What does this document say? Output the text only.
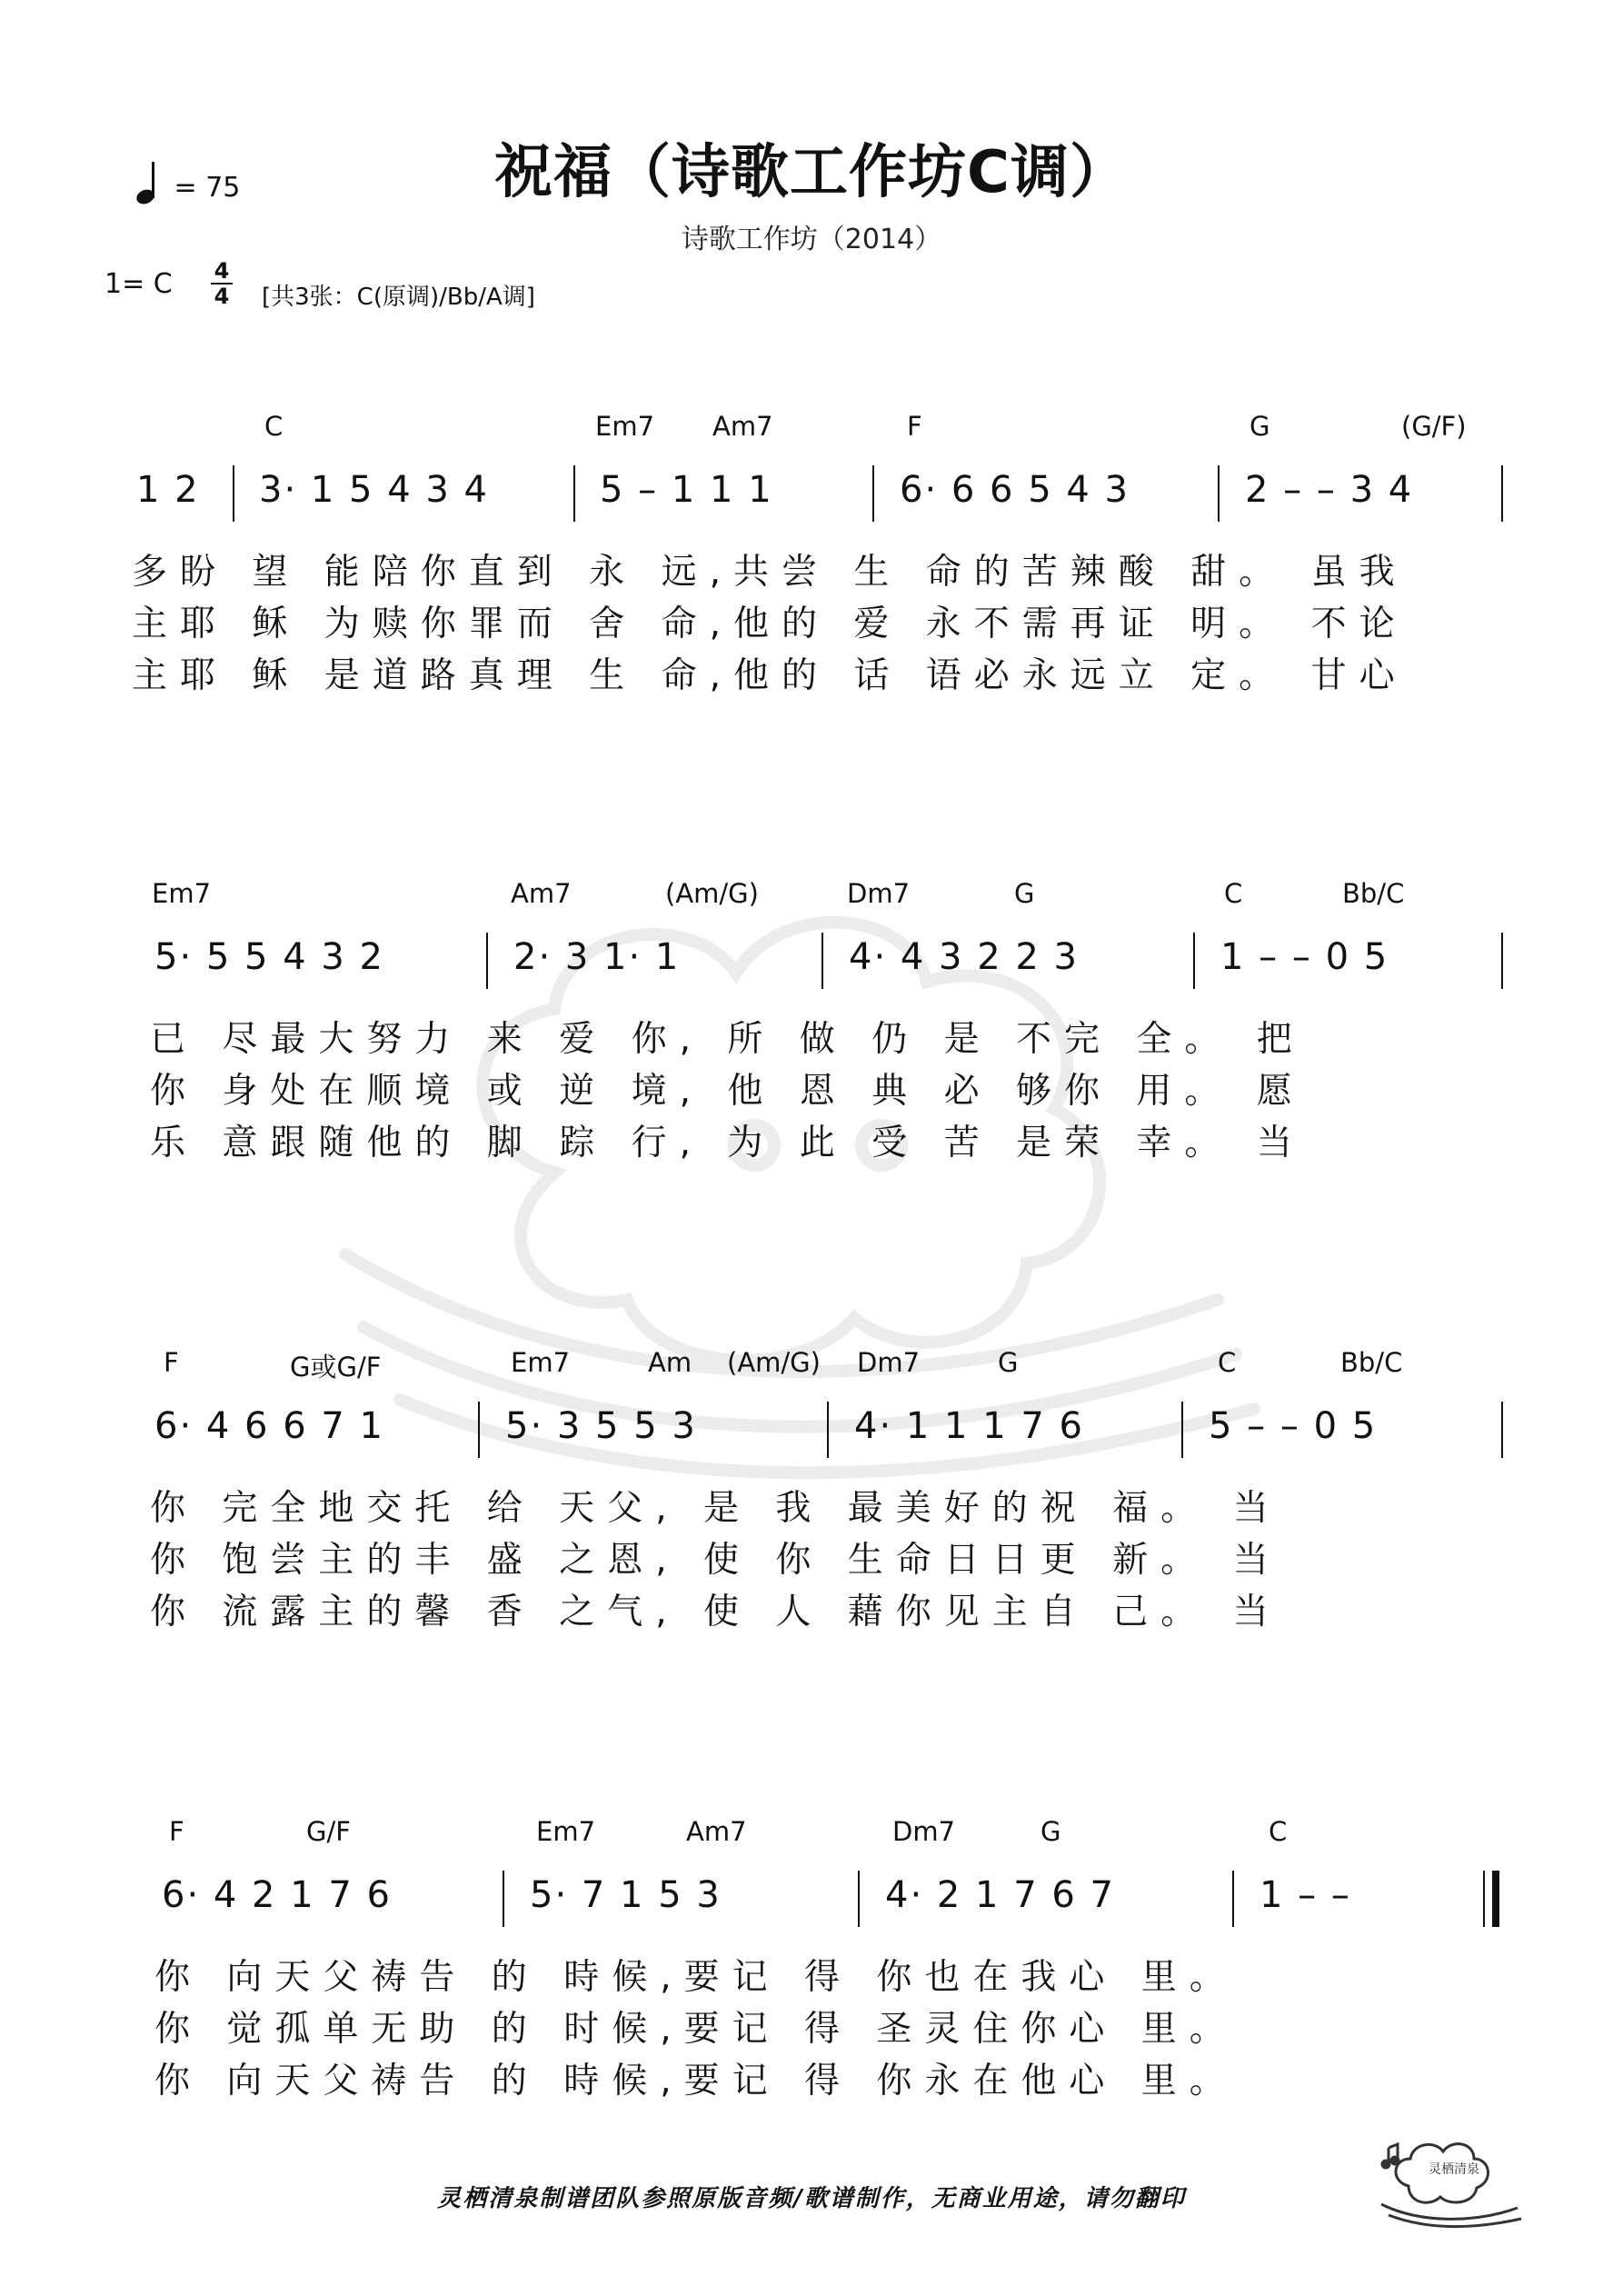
= 75	祝福（诗歌工作坊C调）
诗歌工作坊（2014）
1= C 4
4 [共3张：C(原调)/Bb/A调]
C	Em7 Am7	F	G	(G/F)
1 2 3· 1 5 4 3 4	5 – 1 1 1	6· 6 6 5 4 3	2 – – 3 4
多盼 望 能陪你直到 永 远,共尝 生 命的苦辣酸 甜。 虽我
主耶 稣 为赎你罪而 舍 命,他的 爱 永不需再证 明。 不论
主耶 稣 是道路真理 生 命,他的 话 语必永远立 定。 甘心
Em7	Am7	(Am/G)	Dm7	G	C	Bb/C
5· 5 5 4 3 2	2· 3 1· 1	4· 4 3 2 2 3	1 – – 0 5
已 尽最大努力 来 爱 你, 所 做 仍 是 不完 全。 把
你 身处在顺境 或 逆 境, 他 恩 典 必 够你 用。 愿
乐 意跟随他的 脚 踪 行, 为 此 受 苦 是荣 幸。 当
F	G或G/F	Em7	Am (Am/G) Dm7	G	C	Bb/C
6· 4 6 6 7 1	5· 3 5 5 3	4· 1 1 1 7 6	5 – – 0 5
你 完全地交托 给 天父, 是 我 最美好的祝 福。 当
你 饱尝主的丰 盛 之恩, 使 你 生命日日更 新。 当
你 流露主的馨 香 之气, 使 人 藉你见主自 己。 当
F	G/F	Em7	Am7	Dm7	G	C
6· 4 2 1 7 6	5· 7 1 5 3	4· 2 1 7 6 7	1 – –
你 向天父祷告 的 時候,要记 得 你也在我心 里。
你 觉孤单无助 的 时候,要记 得 圣灵住你心 里。
你 向天父祷告 的 時候,要记 得 你永在他心 里。
灵栖清泉制谱团队参照原版音频/歌谱制作，无商业用途，请勿翻印
灵栖清泉
